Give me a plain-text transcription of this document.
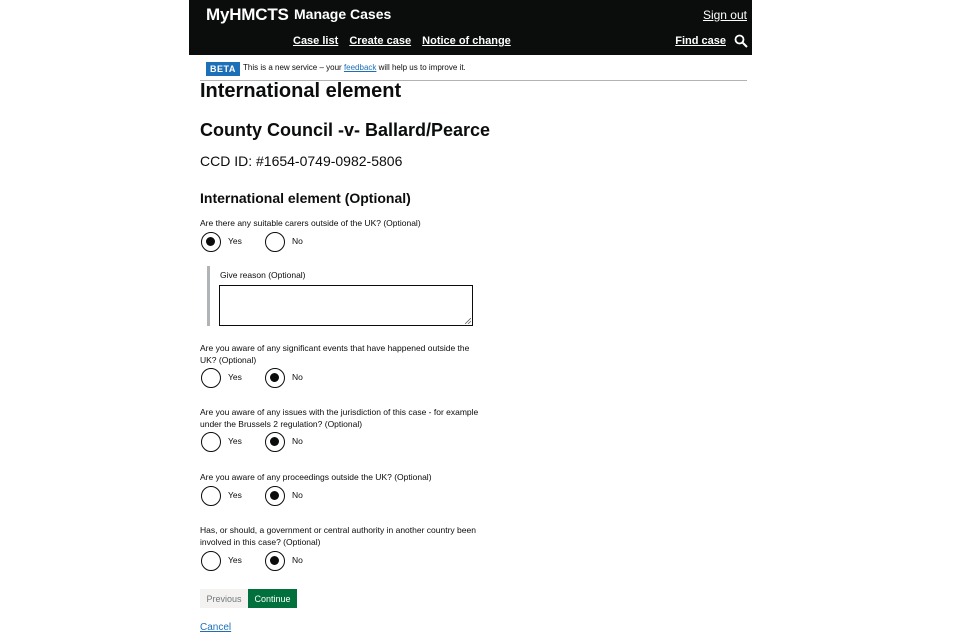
MyHMCTS Manage Cases	Sign out
Case list Create case Notice of change	Find case
BETA This is a new service – your feedback will help us to improve it.
International element
County Council -v- Ballard/Pearce
CCD ID: #1654-0749-0982-5806
International element (Optional)
Are there any suitable carers outside of the UK? (Optional)
Yes	No
Give reason (Optional)
Are you aware of any significant events that have happened outside the UK? (Optional)
Yes	No
Are you aware of any issues with the jurisdiction of this case - for example under the Brussels 2 regulation? (Optional)
Yes	No
Are you aware of any proceedings outside the UK? (Optional)
Yes	No
Has, or should, a government or central authority in another country been involved in this case? (Optional)
Yes	No
Previous	Continue
Cancel
